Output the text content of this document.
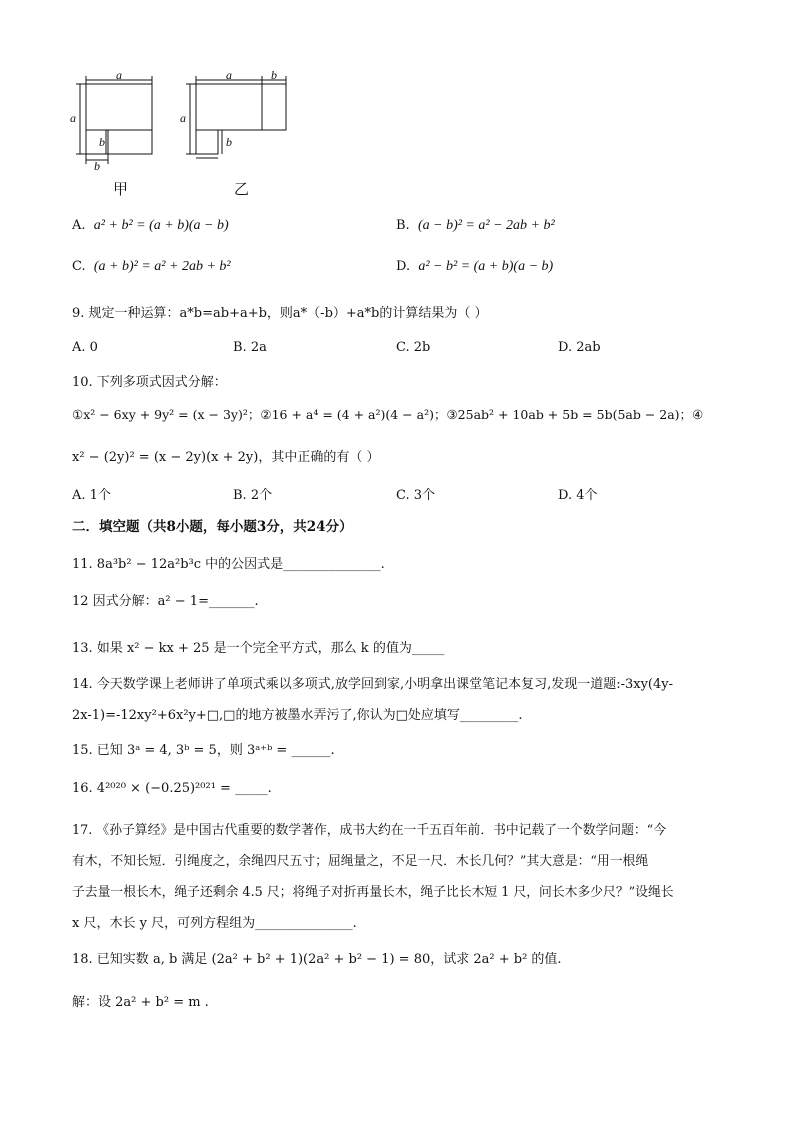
a
a
b
b
甲
a	b
a
b
乙
A. a² + b² = (a + b)(a − b)	B. (a − b)² = a² − 2ab + b²
C. (a + b)² = a² + 2ab + b²	D. a² − b² = (a + b)(a − b)
9. 规定一种运算：a*b=ab+a+b，则a*（-b）+a*b的计算结果为（ ）
A. 0	B. 2a	C. 2b	D. 2ab
10. 下列多项式因式分解：
①x² − 6xy + 9y² = (x − 3y)²；②16 + a⁴ = (4 + a²)(4 − a²)；③25ab² + 10ab + 5b = 5b(5ab − 2a)；④
x² − (2y)² = (x − 2y)(x + 2y)，其中正确的有（ ）
A. 1个	B. 2个	C. 3个	D. 4个
二．填空题（共8小题，每小题3分，共24分）
11. 8a³b² − 12a²b³c 中的公因式是_______________.
12 因式分解：a² − 1=_______.
13. 如果 x² − kx + 25 是一个完全平方式，那么 k 的值为_____
14. 今天数学课上老师讲了单项式乘以多项式,放学回到家,小明拿出课堂笔记本复习,发现一道题:-3xy(4y-
2x-1)=-12xy²+6x²y+□,□的地方被墨水弄污了,你认为□处应填写_________.
15. 已知 3ᵃ = 4, 3ᵇ = 5，则 3ᵃ⁺ᵇ = ______.
16. 4²⁰²⁰ × (−0.25)²⁰²¹ = _____.
17. 《孙子算经》是中国古代重要的数学著作，成书大约在一千五百年前．书中记载了一个数学问题：“今
有木，不知长短．引绳度之，余绳四尺五寸；屈绳量之，不足一尺．木长几何？”其大意是：“用一根绳
子去量一根长木，绳子还剩余 4.5 尺；将绳子对折再量长木，绳子比长木短 1 尺，问长木多少尺？”设绳长
x 尺，木长 y 尺，可列方程组为_______________.
18. 已知实数 a, b 满足 (2a² + b² + 1)(2a² + b² − 1) = 80，试求 2a² + b² 的值.
解：设 2a² + b² = m .
